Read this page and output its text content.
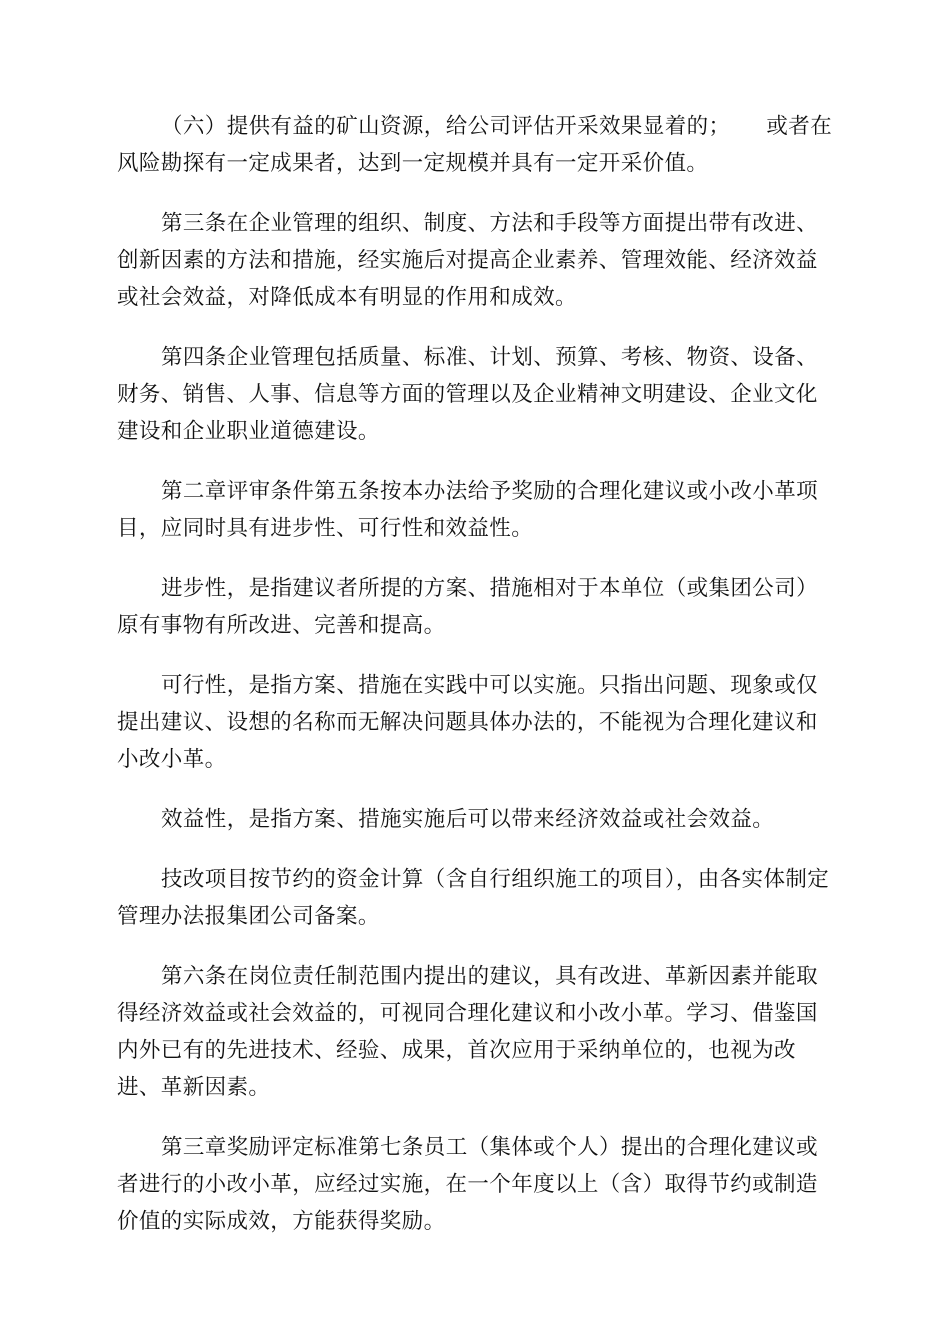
（六）提供有益的矿山资源，给公司评估开采效果显着的； 或者在风险勘探有一定成果者，达到一定规模并具有一定开采价值。

第三条在企业管理的组织、制度、方法和手段等方面提出带有改进、创新因素的方法和措施，经实施后对提高企业素养、管理效能、经济效益或社会效益，对降低成本有明显的作用和成效。

第四条企业管理包括质量、标准、计划、预算、考核、物资、设备、财务、销售、人事、信息等方面的管理以及企业精神文明建设、企业文化建设和企业职业道德建设。

第二章评审条件第五条按本办法给予奖励的合理化建议或小改小革项目，应同时具有进步性、可行性和效益性。

进步性，是指建议者所提的方案、措施相对于本单位（或集团公司）原有事物有所改进、完善和提高。

可行性，是指方案、措施在实践中可以实施。只指出问题、现象或仅提出建议、设想的名称而无解决问题具体办法的，不能视为合理化建议和小改小革。

效益性，是指方案、措施实施后可以带来经济效益或社会效益。

技改项目按节约的资金计算（含自行组织施工的项目），由各实体制定管理办法报集团公司备案。

第六条在岗位责任制范围内提出的建议，具有改进、革新因素并能取得经济效益或社会效益的，可视同合理化建议和小改小革。学习、借鉴国内外已有的先进技术、经验、成果，首次应用于采纳单位的，也视为改进、革新因素。

第三章奖励评定标准第七条员工（集体或个人）提出的合理化建议或者进行的小改小革，应经过实施，在一个年度以上（含）取得节约或制造价值的实际成效，方能获得奖励。
